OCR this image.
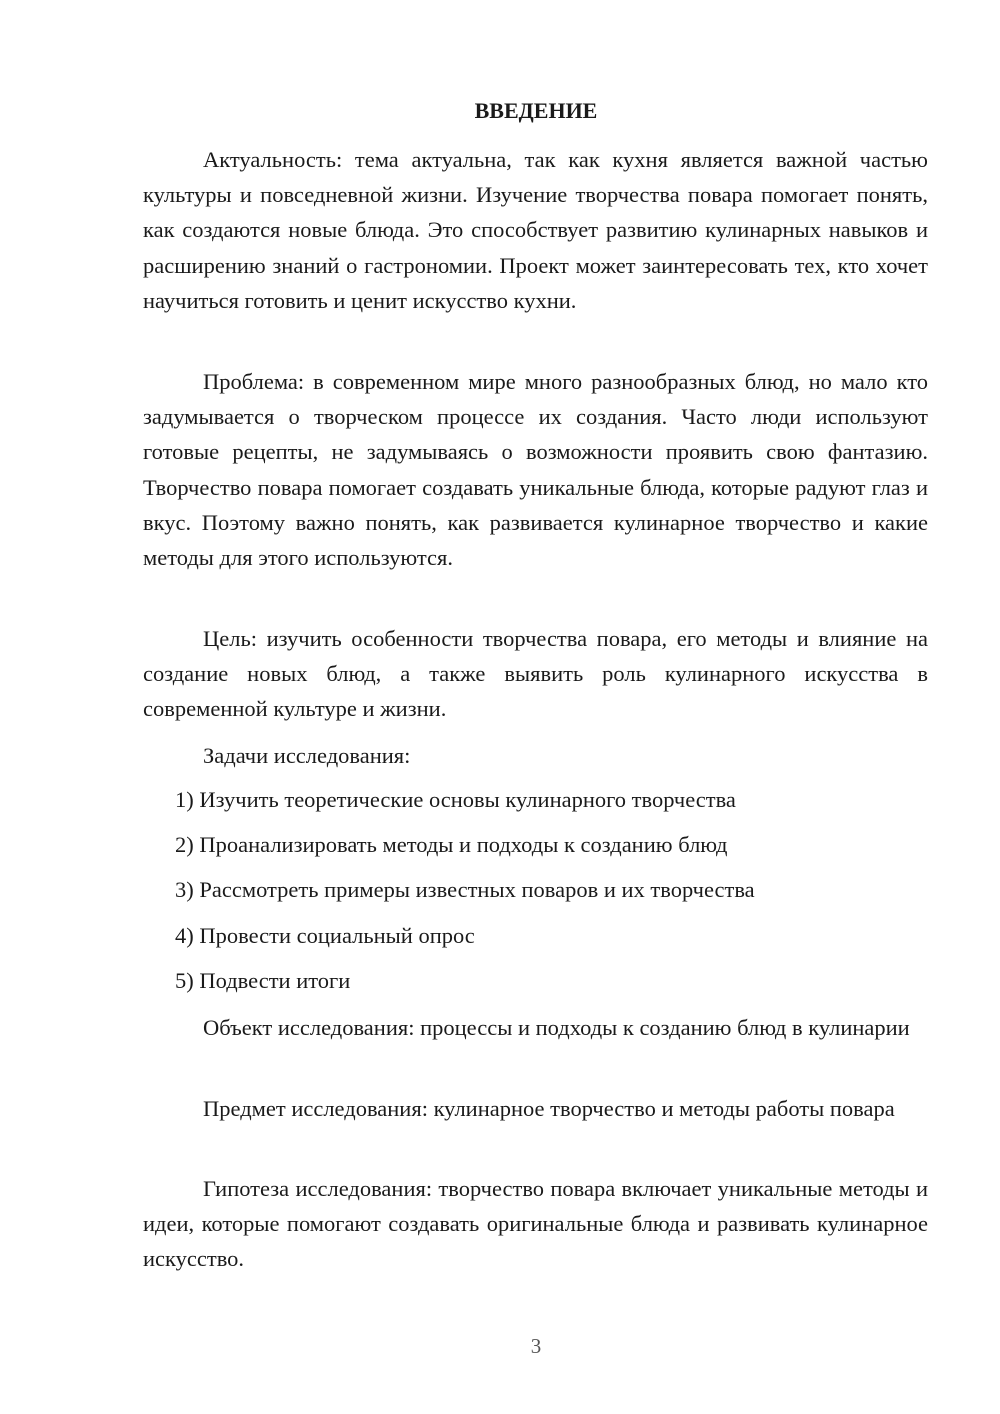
ВВЕДЕНИЕ

Актуальность: тема актуальна, так как кухня является важной частью культуры и повседневной жизни. Изучение творчества повара помогает понять, как создаются новые блюда. Это способствует развитию кулинарных навыков и расширению знаний о гастрономии. Проект может заинтересовать тех, кто хочет научиться готовить и ценит искусство кухни.

Проблема: в современном мире много разнообразных блюд, но мало кто задумывается о творческом процессе их создания. Часто люди используют готовые рецепты, не задумываясь о возможности проявить свою фантазию. Творчество повара помогает создавать уникальные блюда, которые радуют глаз и вкус. Поэтому важно понять, как развивается кулинарное творчество и какие методы для этого используются.

Цель: изучить особенности творчества повара, его методы и влияние на создание новых блюд, а также выявить роль кулинарного искусства в современной культуре и жизни.

Задачи исследования:

1) Изучить теоретические основы кулинарного творчества
2) Проанализировать методы и подходы к созданию блюд
3) Рассмотреть примеры известных поваров и их творчества
4) Провести социальный опрос
5) Подвести итоги

Объект исследования: процессы и подходы к созданию блюд в кулинарии

Предмет исследования: кулинарное творчество и методы работы повара

Гипотеза исследования: творчество повара включает уникальные методы и идеи, которые помогают создавать оригинальные блюда и развивать кулинарное искусство.

3
